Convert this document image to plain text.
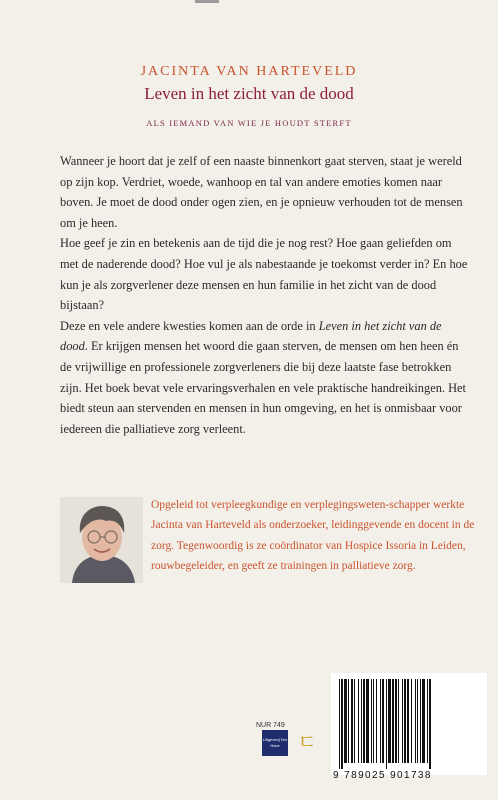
JACINTA VAN HARTEVELD
Leven in het zicht van de dood
ALS IEMAND VAN WIE JE HOUDT STERFT

Wanneer je hoort dat je zelf of een naaste binnenkort gaat sterven, staat je wereld op zijn kop. Verdriet, woede, wanhoop en tal van andere emoties komen naar boven. Je moet de dood onder ogen zien, en je opnieuw verhouden tot de mensen om je heen.

Hoe geef je zin en betekenis aan de tijd die je nog rest? Hoe gaan geliefden om met de naderende dood? Hoe vul je als nabestaande je toekomst verder in? En hoe kun je als zorgverlener deze mensen en hun familie in het zicht van de dood bijstaan?

Deze en vele andere kwesties komen aan de orde in Leven in het zicht van de dood. Er krijgen mensen het woord die gaan sterven, de mensen om hen heen én de vrijwillige en professionele zorgverleners die bij deze laatste fase betrokken zijn. Het boek bevat vele ervaringsverhalen en vele praktische handreikingen. Het biedt steun aan stervenden en mensen in hun omgeving, en het is onmisbaar voor iedereen die palliatieve zorg verleent.

Opgeleid tot verpleegkundige en verplegingsweten-schapper werkte Jacinta van Harteveld als onderzoeker, leidinggevende en docent in de zorg. Tegenwoordig is ze coördinator van Hospice Issoria in Leiden, rouwbegeleider, en geeft ze trainingen in palliatieve zorg.
NUR 749
Uitgeverij Ten Have ㄷ
9 789025 901738
